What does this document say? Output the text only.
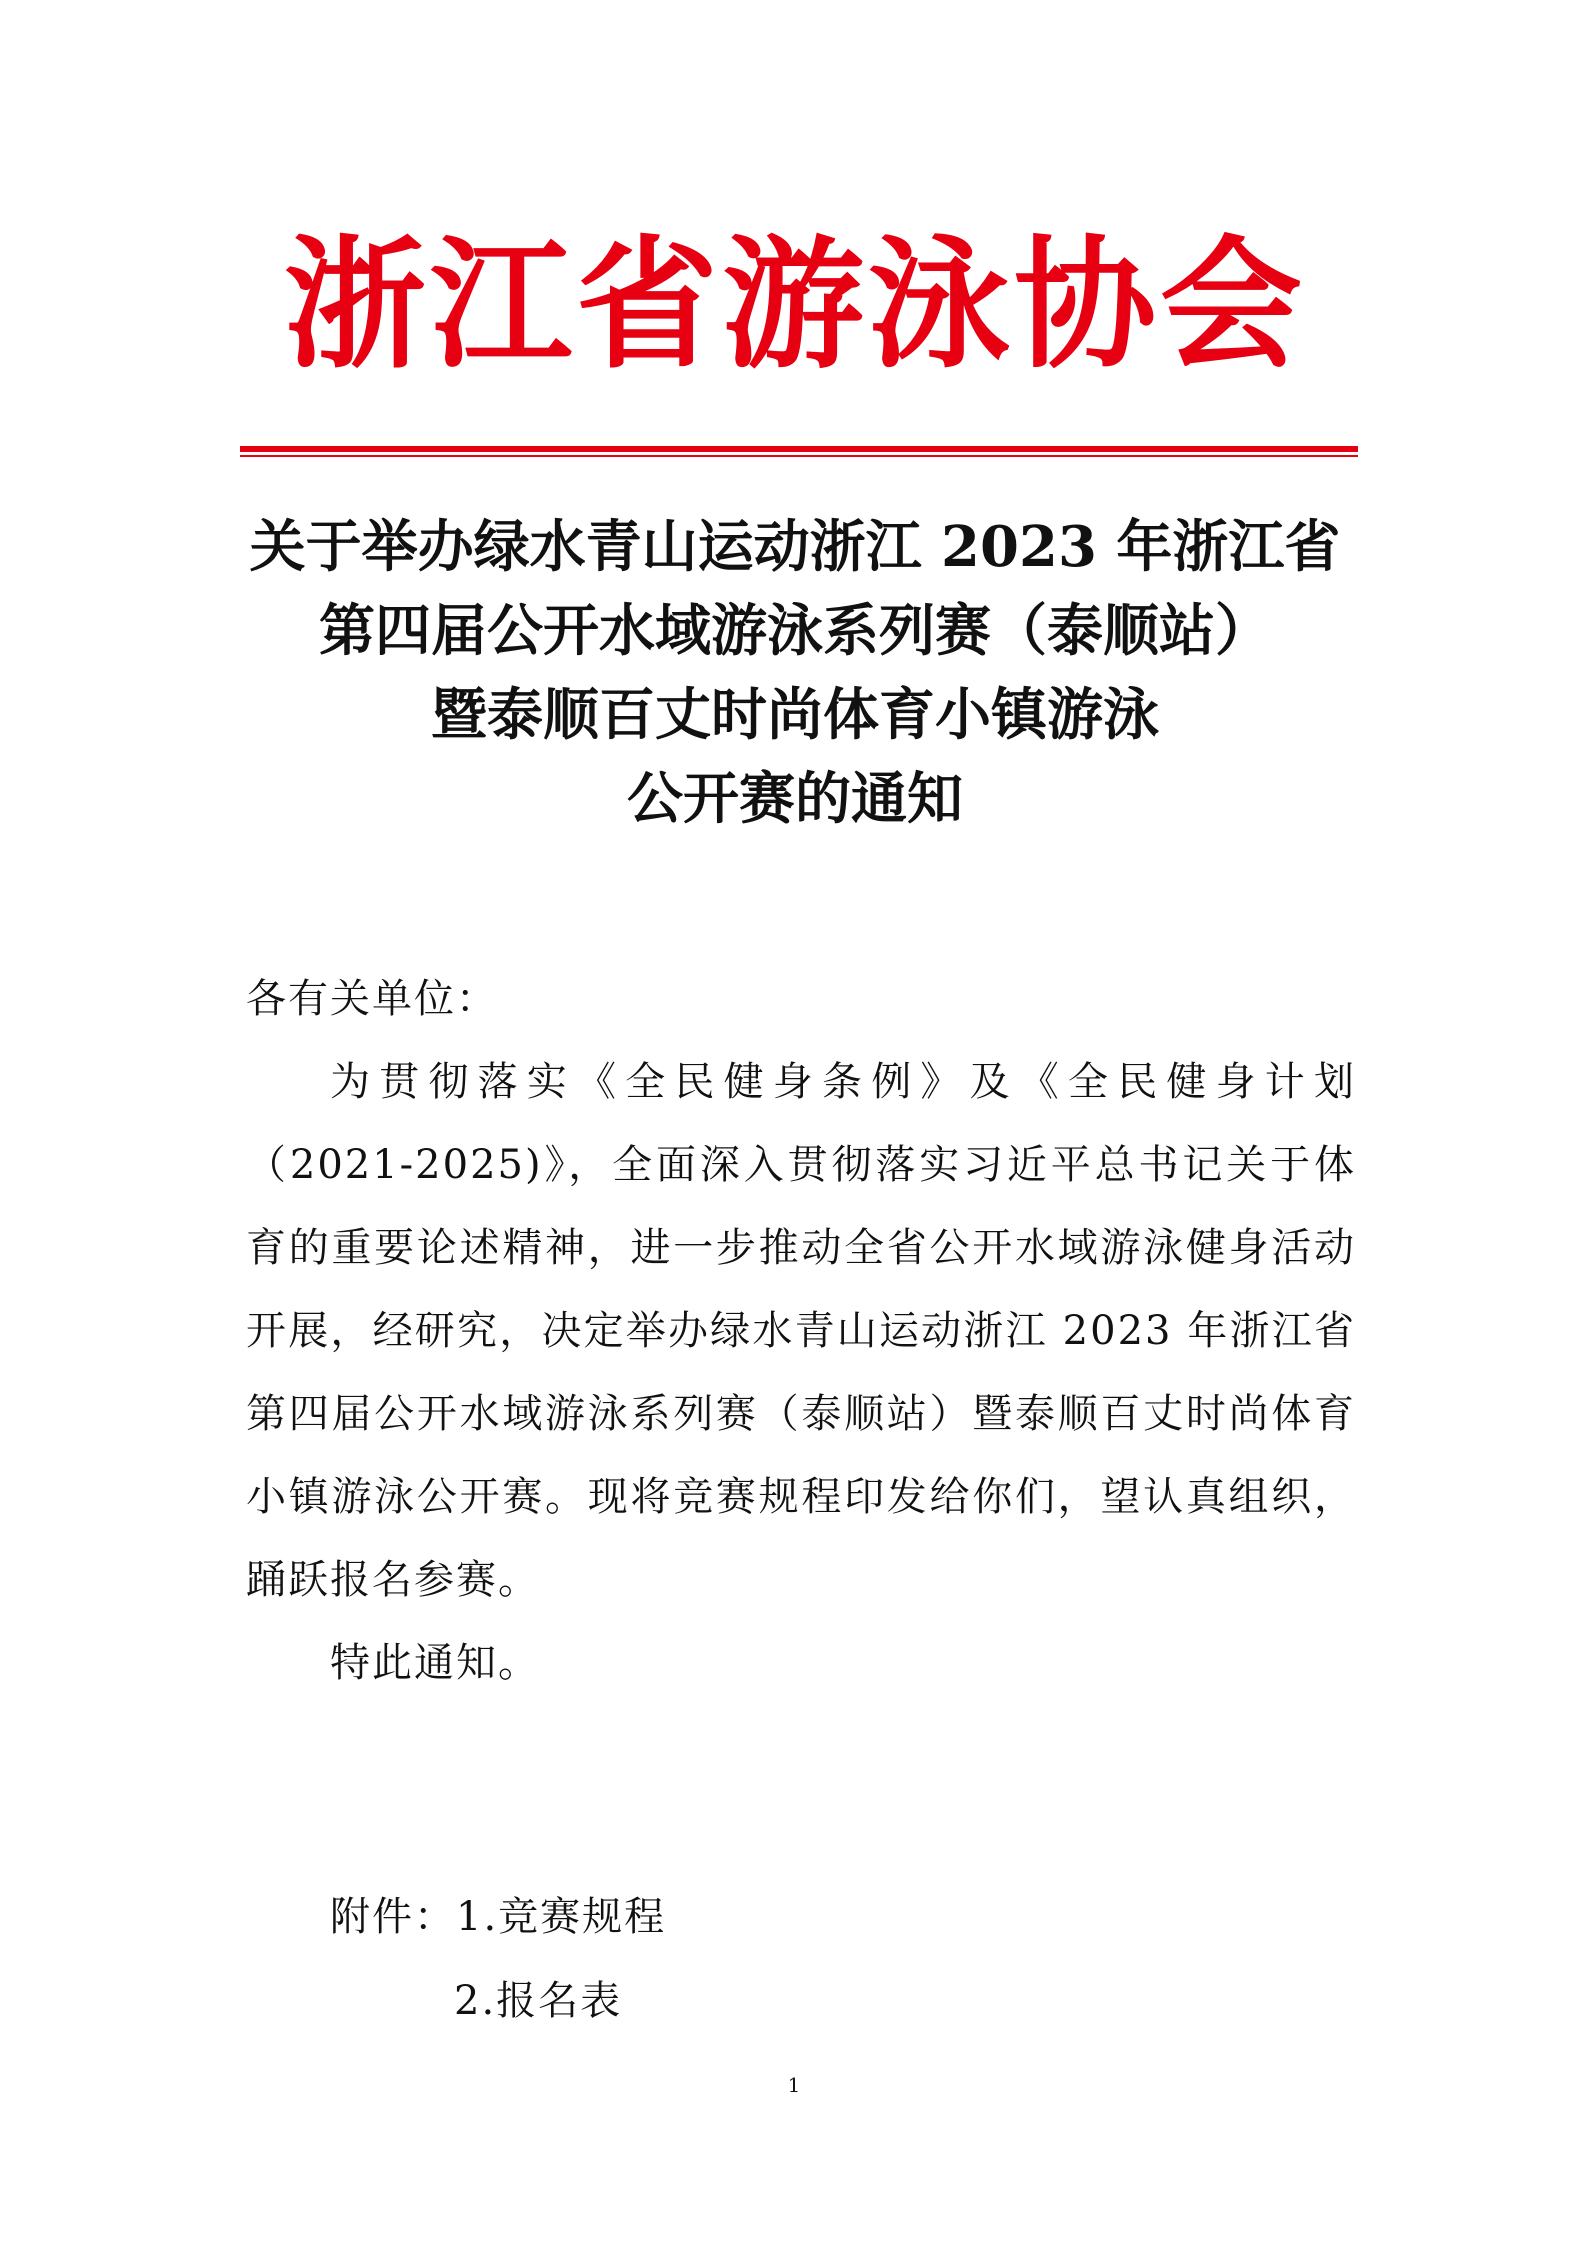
浙江省游泳协会
关于举办绿水青山运动浙江 2023 年浙江省
第四届公开水域游泳系列赛（泰顺站）
暨泰顺百丈时尚体育小镇游泳
公开赛的通知

各有关单位：

为贯彻落实《全民健身条例》及《全民健身计划（2021-2025)》，全面深入贯彻落实习近平总书记关于体育的重要论述精神，进一步推动全省公开水域游泳健身活动开展，经研究，决定举办绿水青山运动浙江 2023 年浙江省第四届公开水域游泳系列赛（泰顺站）暨泰顺百丈时尚体育小镇游泳公开赛。现将竞赛规程印发给你们，望认真组织，踊跃报名参赛。

特此通知。

附件：1.竞赛规程
2.报名表
1
